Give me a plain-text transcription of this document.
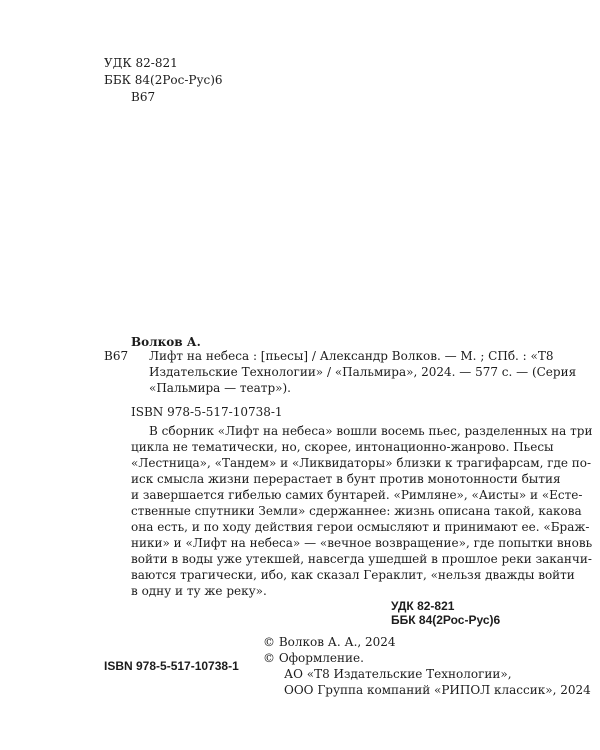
УДК 82-821
ББК 84(2Рос-Рус)6
В67
Волков А.
В67 Лифт на небеса : [пьесы] / Александр Волков. — М. ; СПб. : «Т8
Издательские Технологии» / «Пальмира», 2024. — 577 с. — (Серия
«Пальмира — театр»).
ISBN 978-5-517-10738-1
В сборник «Лифт на небеса» вошли восемь пьес, разделенных на три
цикла не тематически, но, скорее, интонационно-жанрово. Пьесы
«Лестница», «Тандем» и «Ликвидаторы» близки к трагифарсам, где по-
иск смысла жизни перерастает в бунт против монотонности бытия
и завершается гибелью самих бунтарей. «Римляне», «Аисты» и «Есте-
ственные спутники Земли» сдержаннее: жизнь описана такой, какова
она есть, и по ходу действия герои осмысляют и принимают ее. «Браж-
ники» и «Лифт на небеса» — «вечное возвращение», где попытки вновь
войти в воды уже утекшей, навсегда ушедшей в прошлое реки заканчи-
ваются трагически, ибо, как сказал Гераклит, «нельзя дважды войти
в одну и ту же реку».
УДК 82-821
ББК 84(2Рос-Рус)6
© Волков А. А., 2024
© Оформление.
АО «Т8 Издательские Технологии»,
ООО Группа компаний «РИПОЛ классик», 2024
ISBN 978-5-517-10738-1
